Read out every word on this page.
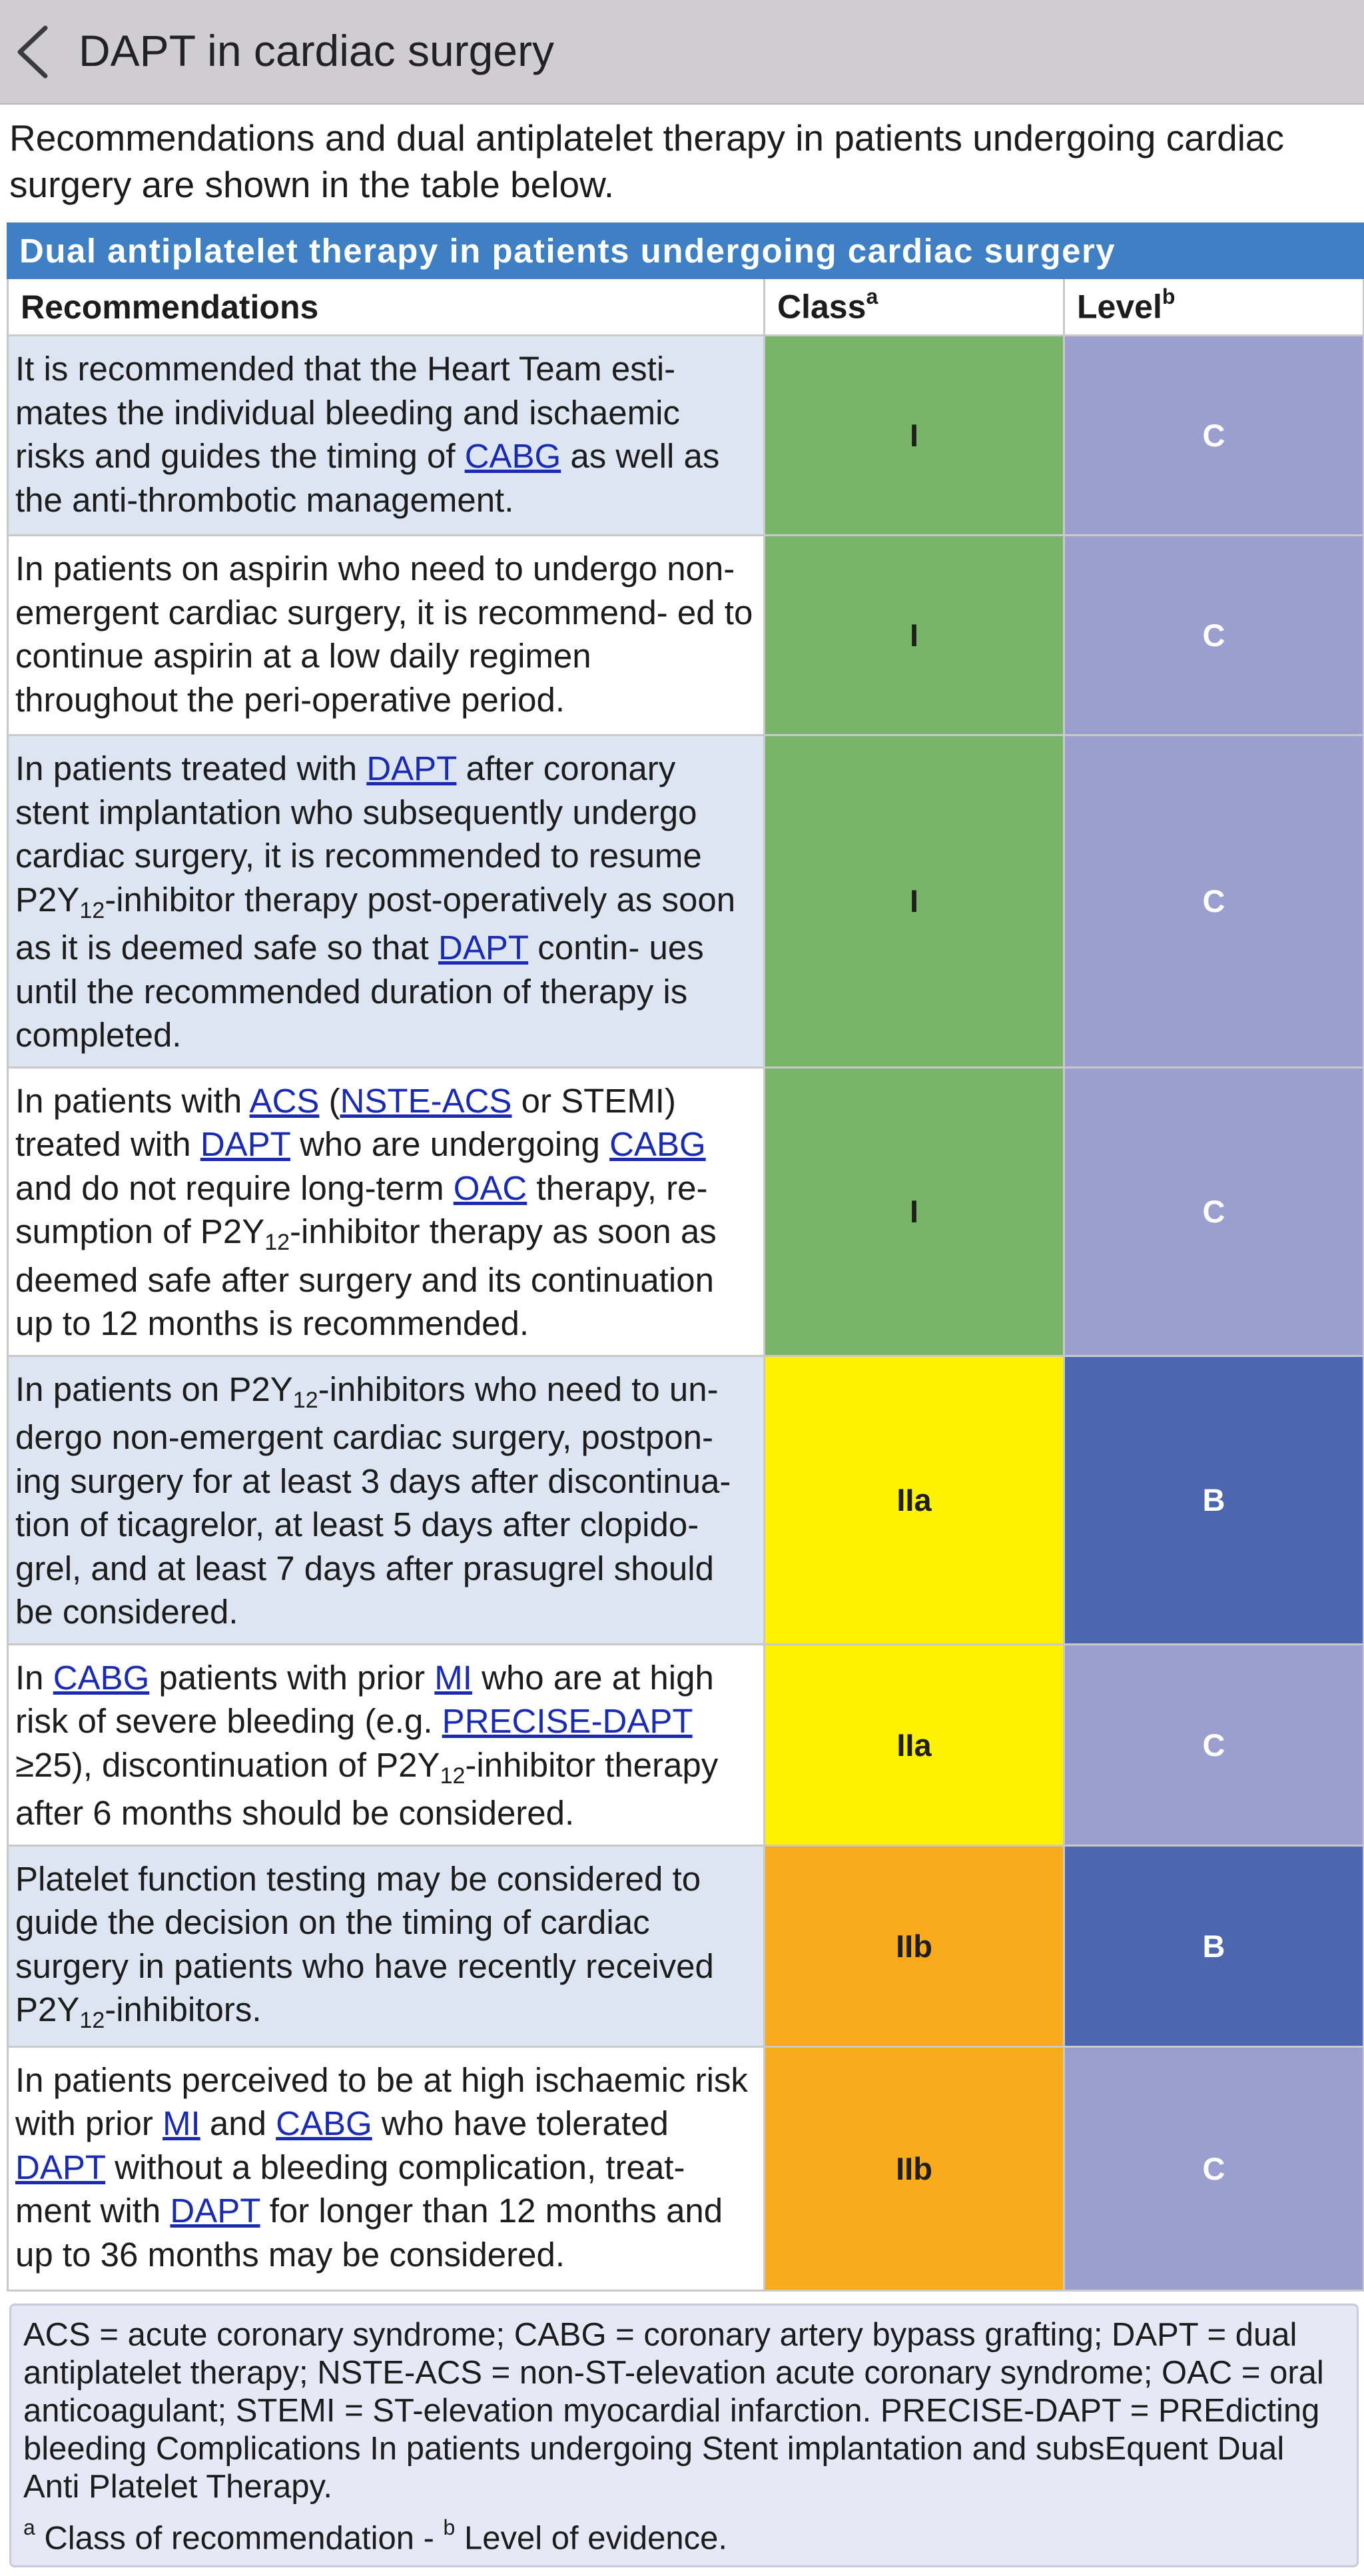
DAPT in cardiac surgery
Recommendations and dual antiplatelet therapy in patients undergoing cardiac surgery are shown in the table below.
Dual antiplatelet therapy in patients undergoing cardiac surgery		
Recommendations	Class$^a$	Level$^b$
It is recommended that the Heart Team esti- mates the individual bleeding and ischaemic risks and guides the timing of CABG as well as the anti-thrombotic management.	I	C
In patients on aspirin who need to undergo non-emergent cardiac surgery, it is recommend- ed to continue aspirin at a low daily regimen throughout the peri-operative period.	I	C
In patients treated with DAPT after coronary stent implantation who subsequently undergo cardiac surgery, it is recommended to resume P2Y12-inhibitor therapy post-operatively as soon as it is deemed safe so that DAPT contin- ues until the recommended duration of therapy is completed.	I	C
In patients with ACS (NSTE-ACS or STEMI) treated with DAPT who are undergoing CABG and do not require long-term OAC therapy, re- sumption of P2Y12-inhibitor therapy as soon as deemed safe after surgery and its continuation up to 12 months is recommended.	I	C
In patients on P2Y12-inhibitors who need to un- dergo non-emergent cardiac surgery, postpon- ing surgery for at least 3 days after discontinua- tion of ticagrelor, at least 5 days after clopido- grel, and at least 7 days after prasugrel should be considered.	IIa	B
In CABG patients with prior MI who are at high risk of severe bleeding (e.g. PRECISE-DAPT ≥25), discontinuation of P2Y12-inhibitor therapy after 6 months should be considered.	IIa	C
Platelet function testing may be considered to guide the decision on the timing of cardiac surgery in patients who have recently received P2Y12-inhibitors.	IIb	B
In patients perceived to be at high ischaemic risk with prior MI and CABG who have tolerated DAPT without a bleeding complication, treat- ment with DAPT for longer than 12 months and up to 36 months may be considered.	IIb	C
ACS = acute coronary syndrome; CABG = coronary artery bypass grafting; DAPT = dual antiplatelet therapy; NSTE-ACS = non-ST-elevation acute coronary syndrome; OAC = oral anticoagulant; STEMI = ST-elevation myocardial infarction. PRECISE-DAPT = PREdicting bleeding Complications In patients undergoing Stent implantation and subsEquent Dual Anti Platelet Therapy.
$^a$ Class of recommendation - $^b$ Level of evidence.
